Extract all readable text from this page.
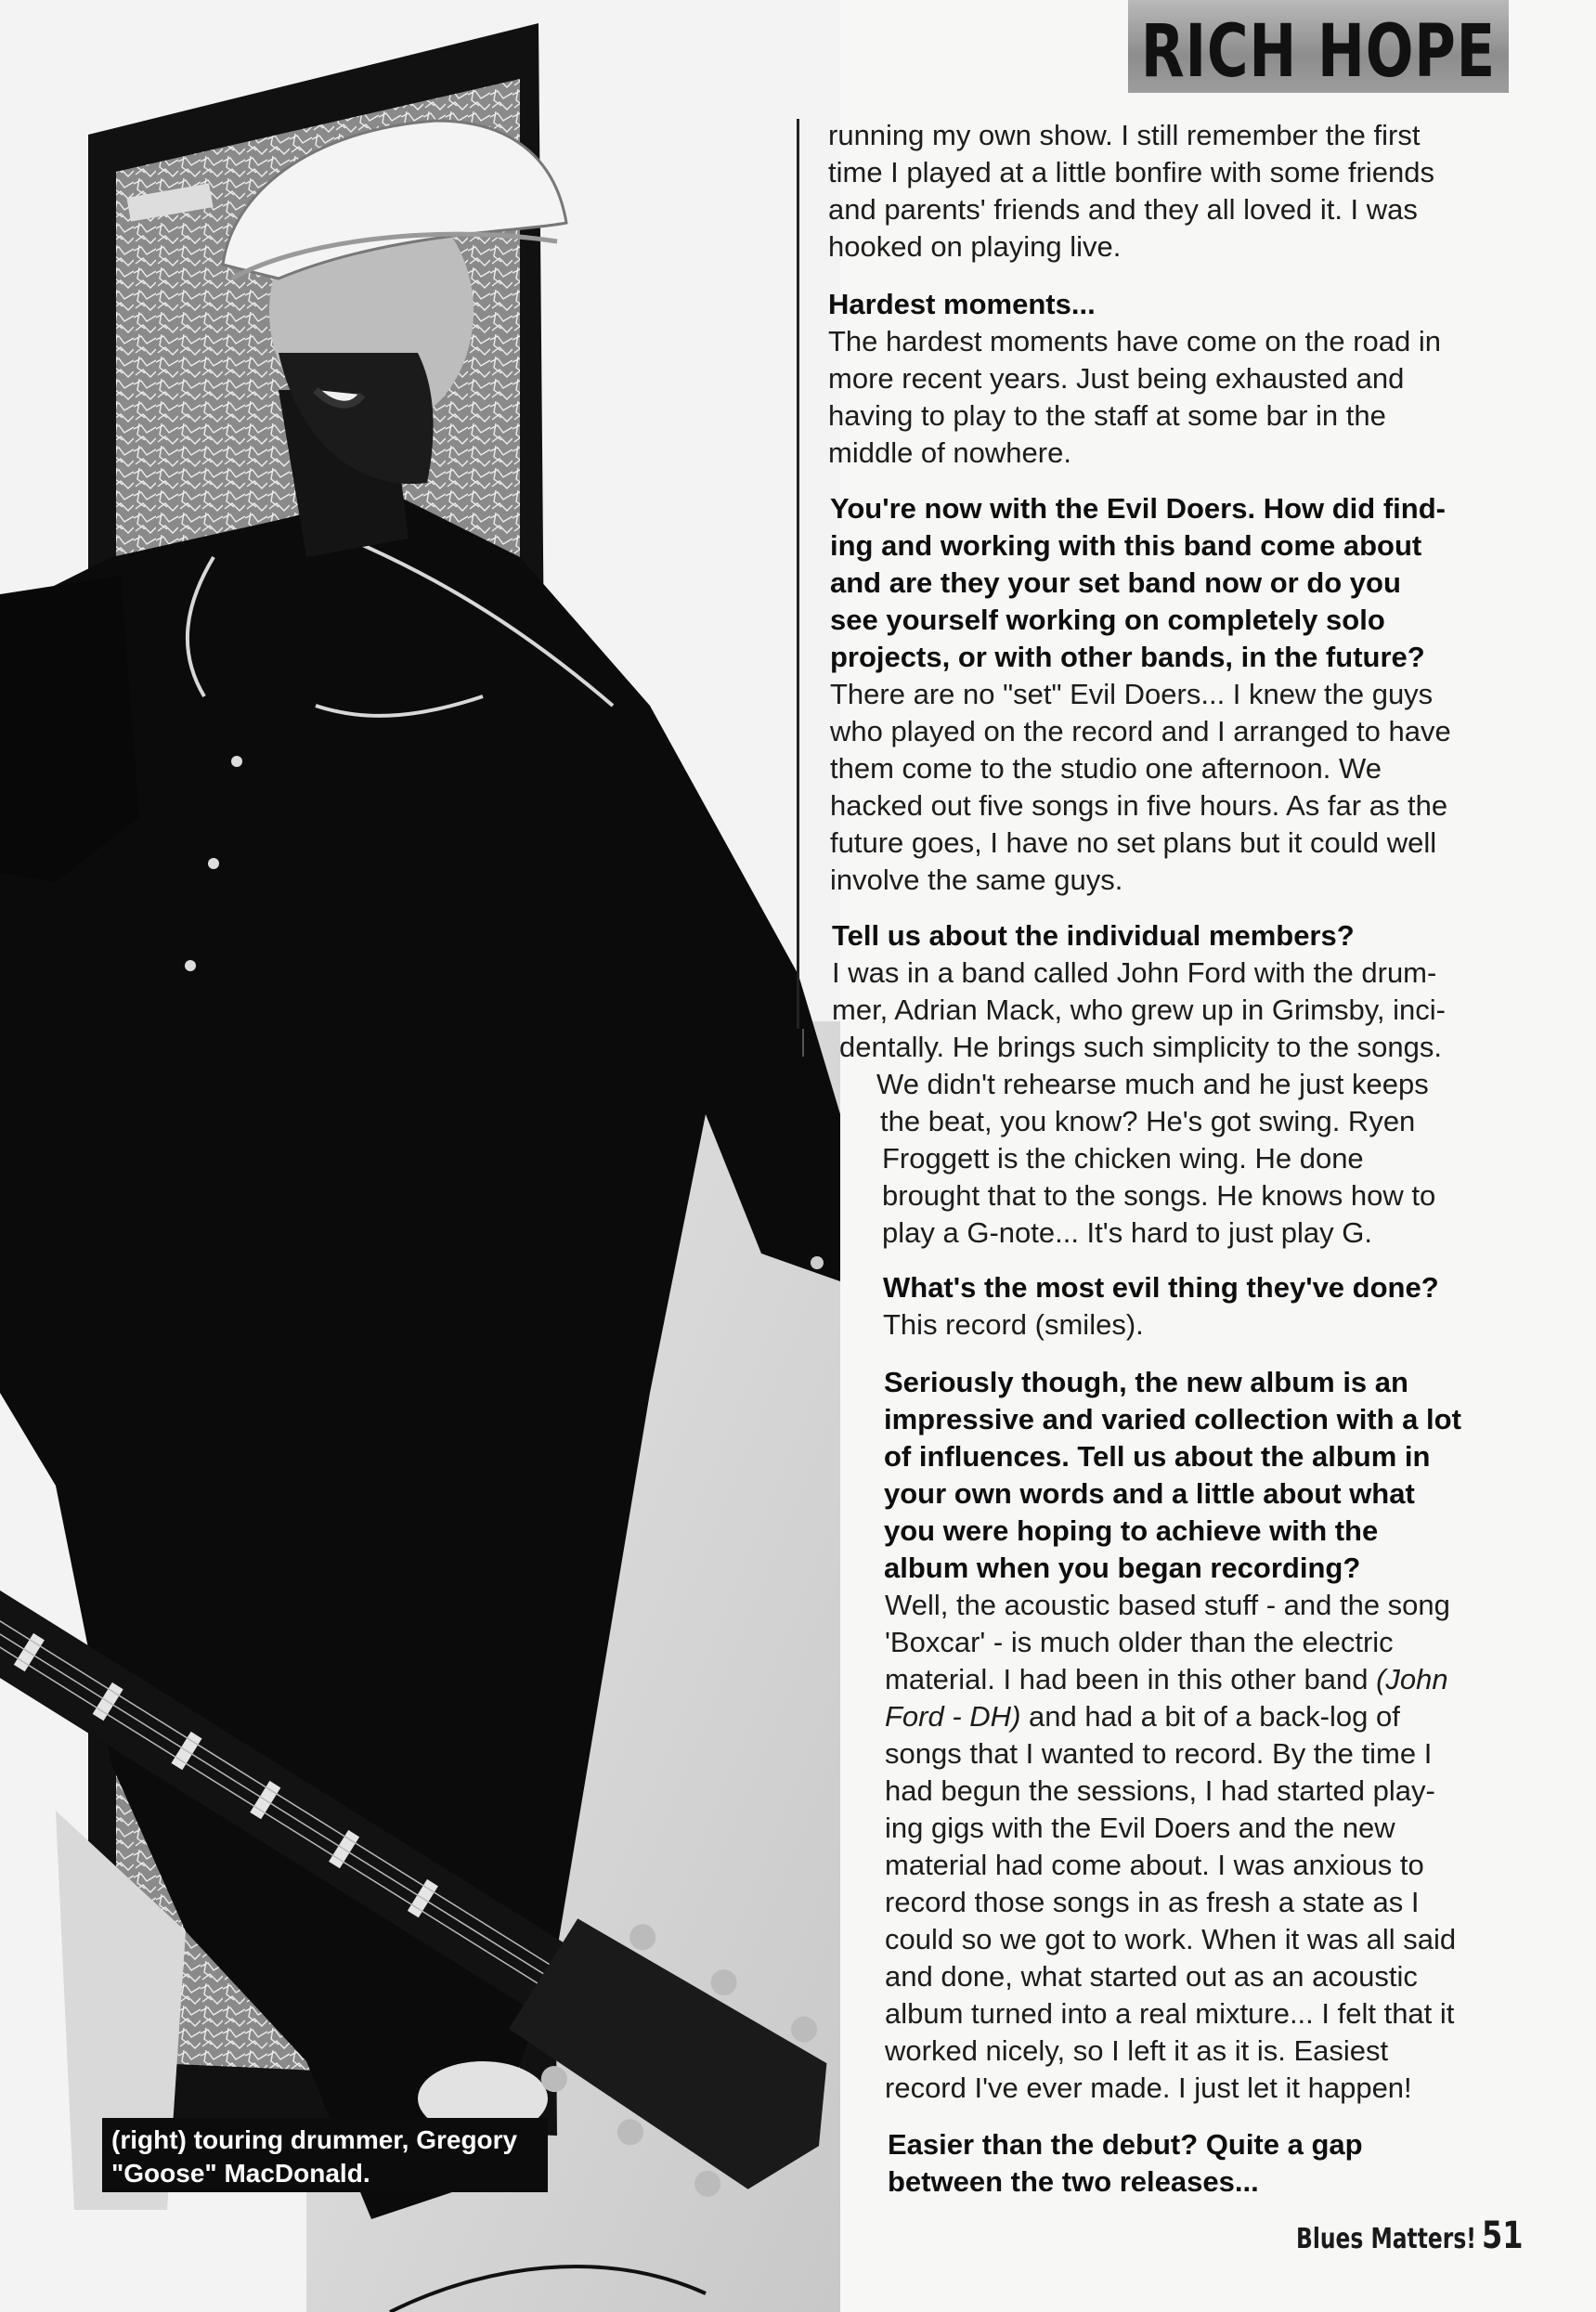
RICH HOPE
running my own show. I still remember the first
time I played at a little bonfire with some friends
and parents' friends and they all loved it. I was
hooked on playing live.
Hardest moments...
The hardest moments have come on the road in
more recent years. Just being exhausted and
having to play to the staff at some bar in the
middle of nowhere.
You're now with the Evil Doers. How did find-
ing and working with this band come about
and are they your set band now or do you
see yourself working on completely solo
projects, or with other bands, in the future?
There are no "set" Evil Doers... I knew the guys
who played on the record and I arranged to have
them come to the studio one afternoon. We
hacked out five songs in five hours. As far as the
future goes, I have no set plans but it could well
involve the same guys.
Tell us about the individual members?
I was in a band called John Ford with the drum-
mer, Adrian Mack, who grew up in Grimsby, inci-
dentally. He brings such simplicity to the songs.
We didn't rehearse much and he just keeps
the beat, you know? He's got swing. Ryen
Froggett is the chicken wing. He done
brought that to the songs. He knows how to
play a G-note... It's hard to just play G.
What's the most evil thing they've done?
This record (smiles).
Seriously though, the new album is an
impressive and varied collection with a lot
of influences. Tell us about the album in
your own words and a little about what
you were hoping to achieve with the
album when you began recording?
Well, the acoustic based stuff - and the song
'Boxcar' - is much older than the electric
material. I had been in this other band (John
Ford - DH) and had a bit of a back-log of
songs that I wanted to record. By the time I
had begun the sessions, I had started play-
ing gigs with the Evil Doers and the new
material had come about. I was anxious to
record those songs in as fresh a state as I
could so we got to work. When it was all said
and done, what started out as an acoustic
album turned into a real mixture... I felt that it
worked nicely, so I left it as it is. Easiest
record I've ever made. I just let it happen!
Easier than the debut? Quite a gap
between the two releases...
(right) touring drummer, Gregory
"Goose" MacDonald.
Blues Matters! 51
